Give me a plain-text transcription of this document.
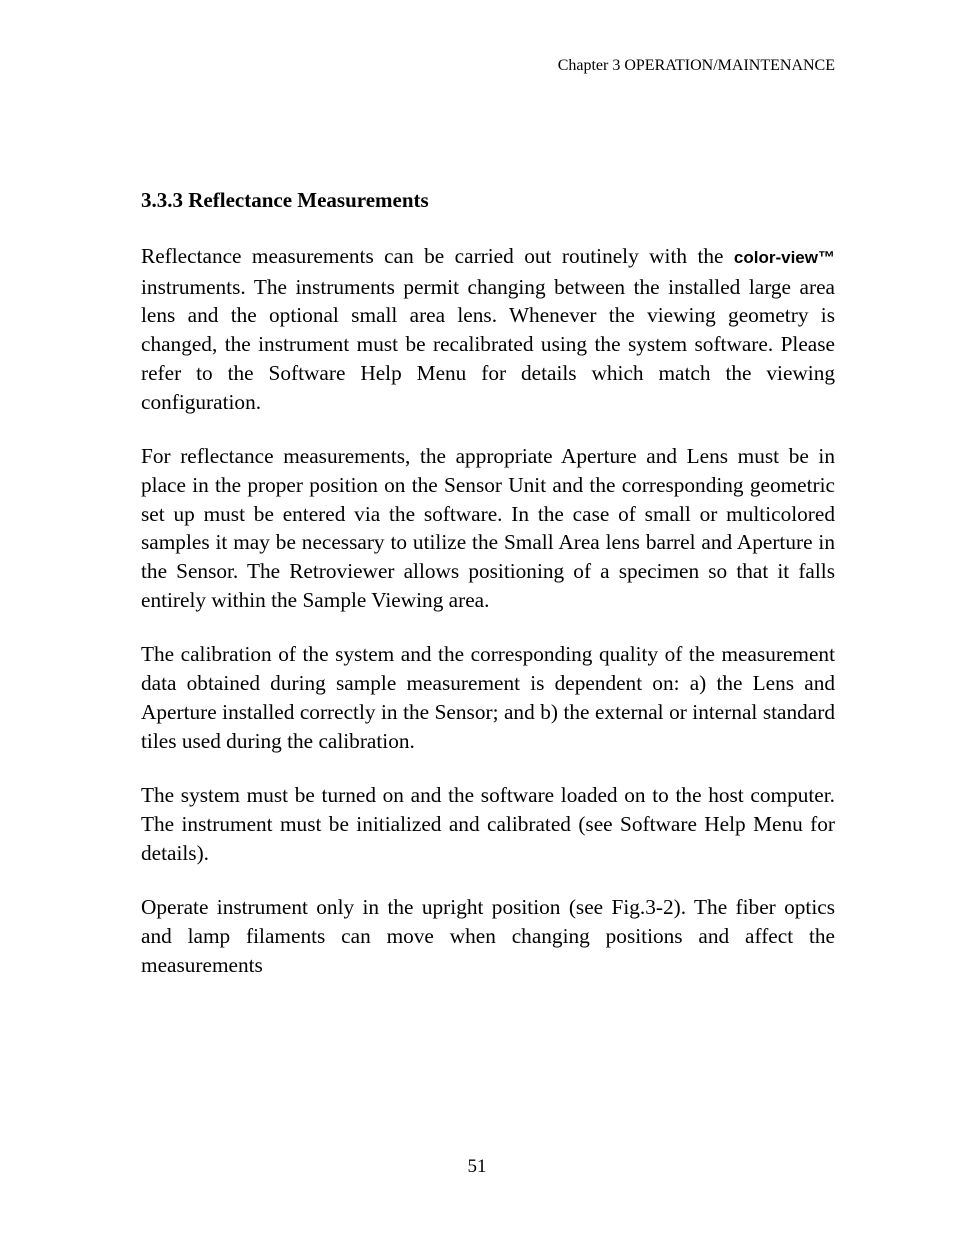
Chapter 3 OPERATION/MAINTENANCE
3.3.3 Reflectance Measurements

Reflectance measurements can be carried out routinely with the color-view™ instruments. The instruments permit changing between the installed large area lens and the optional small area lens. Whenever the viewing geometry is changed, the instrument must be recalibrated using the system software. Please refer to the Software Help Menu for details which match the viewing configuration.

For reflectance measurements, the appropriate Aperture and Lens must be in place in the proper position on the Sensor Unit and the corresponding geometric set up must be entered via the software. In the case of small or multicolored samples it may be necessary to utilize the Small Area lens barrel and Aperture in the Sensor. The Retroviewer allows positioning of a specimen so that it falls entirely within the Sample Viewing area.

The calibration of the system and the corresponding quality of the measurement data obtained during sample measurement is dependent on: a) the Lens and Aperture installed correctly in the Sensor; and b) the external or internal standard tiles used during the calibration.

The system must be turned on and the software loaded on to the host computer. The instrument must be initialized and calibrated (see Software Help Menu for details).

Operate instrument only in the upright position (see Fig.3-2). The fiber optics and lamp filaments can move when changing positions and affect the measurements

51
